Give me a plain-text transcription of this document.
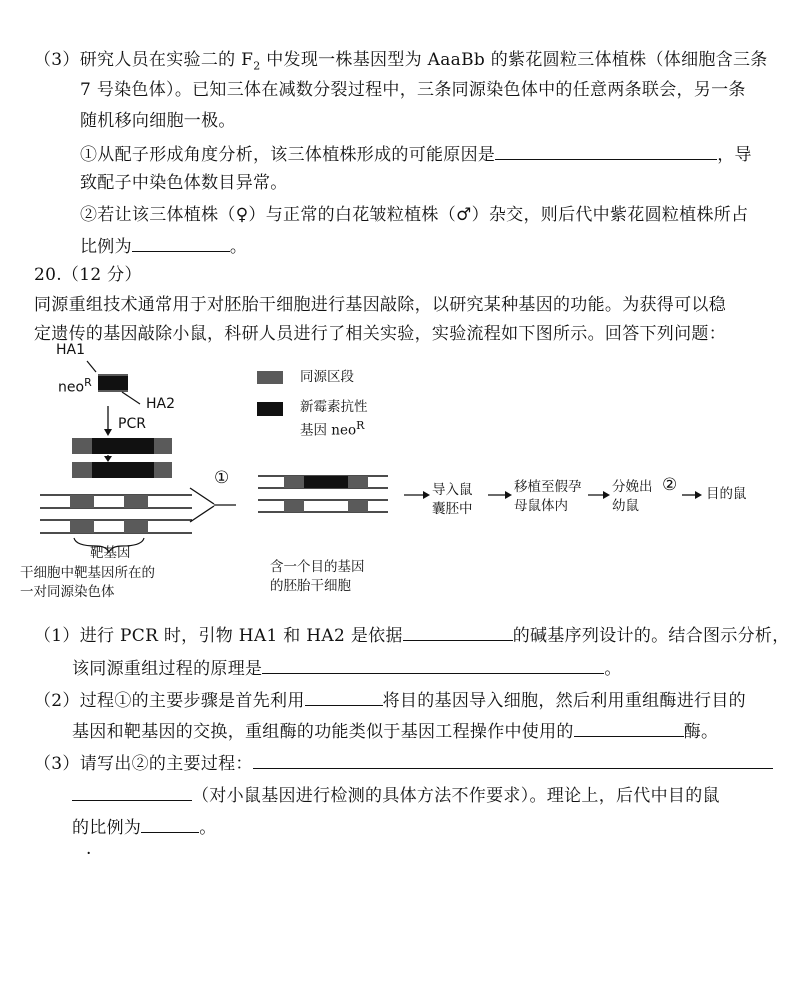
（3）研究人员在实验二的 $F_2$ 中发现一株基因型为 AaaBb 的紫花圆粒三体植株（体细胞含三条
7 号染色体）。已知三体在减数分裂过程中，三条同源染色体中的任意两条联会，另一条
随机移向细胞一极。
①从配子形成角度分析，该三体植株形成的可能原因是	，导
致配子中染色体数目异常。
②若让该三体植株（♀）与正常的白花皱粒植株（♂）杂交，则后代中紫花圆粒植株所占
比例为	。
20.（12 分）
同源重组技术通常用于对胚胎干细胞进行基因敲除，以研究某种基因的功能。为获得可以稳
定遗传的基因敲除小鼠，科研人员进行了相关实验，实验流程如下图所示。回答下列问题：
HA1
neo$^R$
HA2
PCR
同源区段
新霉素抗性
基因 neo$^R$
①
靶基因
干细胞中靶基因所在的
一对同源染色体
含一个目的基因
的胚胎干细胞
导入鼠
囊胚中
移植至假孕
母鼠体内
分娩出
幼鼠
② 目的鼠
（1）进行 PCR 时，引物 HA1 和 HA2 是依据	的碱基序列设计的。结合图示分析，
该同源重组过程的原理是	。
（2）过程①的主要步骤是首先利用	将目的基因导入细胞，然后利用重组酶进行目的
基因和靶基因的交换，重组酶的功能类似于基因工程操作中使用的	酶。
（3）请写出②的主要过程：
（对小鼠基因进行检测的具体方法不作要求）。理论上，后代中目的鼠
的比例为	。
·
